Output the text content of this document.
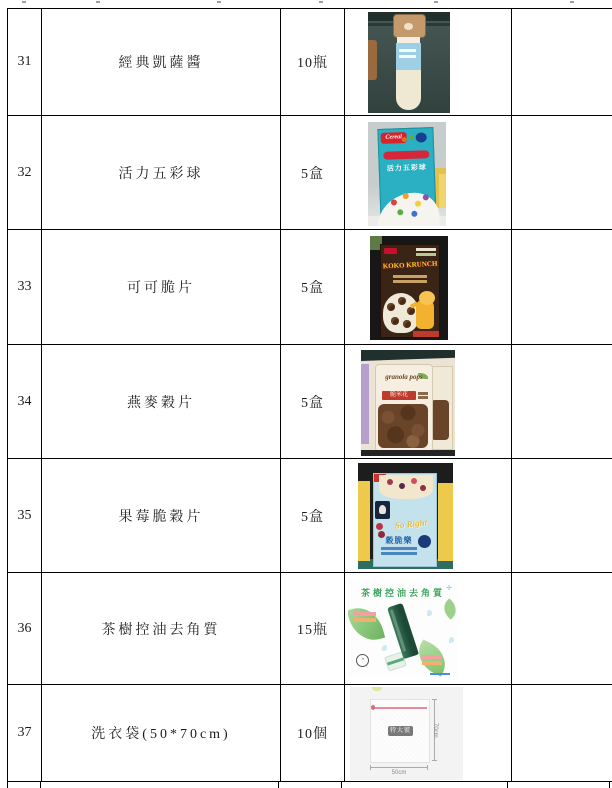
31	經典凱薩醬	10瓶	

32	活力五彩球	5盒	Cereal
活力五彩球	

33	可可脆片	5盒	KOKO KRUNCH	

34	燕麥穀片	5盒	granola pops
脆米花	

35	果莓脆穀片	5盒	So Right
穀脆樂	

36	茶樹控油去角質	15瓶	茶樹控油去角質 ✛
◔	

37	洗衣袋(50*70cm)	10個	特大號 70cm
50cm	
